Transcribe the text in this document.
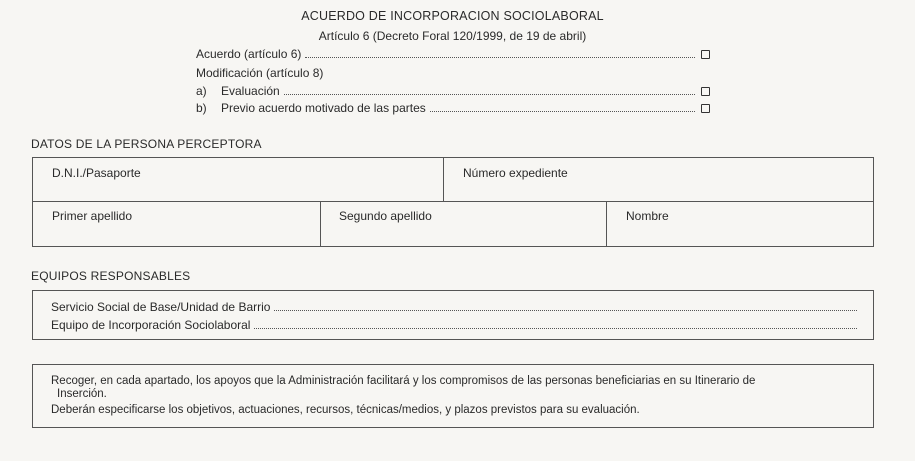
ACUERDO DE INCORPORACION SOCIOLABORAL
Artículo 6 (Decreto Foral 120/1999, de 19 de abril)
Acuerdo (artículo 6)
Modificación (artículo 8)
a)	Evaluación
b)	Previo acuerdo motivado de las partes
DATOS DE LA PERSONA PERCEPTORA
D.N.I./Pasaporte	Número expediente
Primer apellido	Segundo apellido	Nombre
EQUIPOS RESPONSABLES
Servicio Social de Base/Unidad de Barrio
Equipo de Incorporación Sociolaboral
Recoger, en cada apartado, los apoyos que la Administración facilitará y los compromisos de las personas beneficiarias en su Itinerario de
Inserción.
Deberán especificarse los objetivos, actuaciones, recursos, técnicas/medios, y plazos previstos para su evaluación.
